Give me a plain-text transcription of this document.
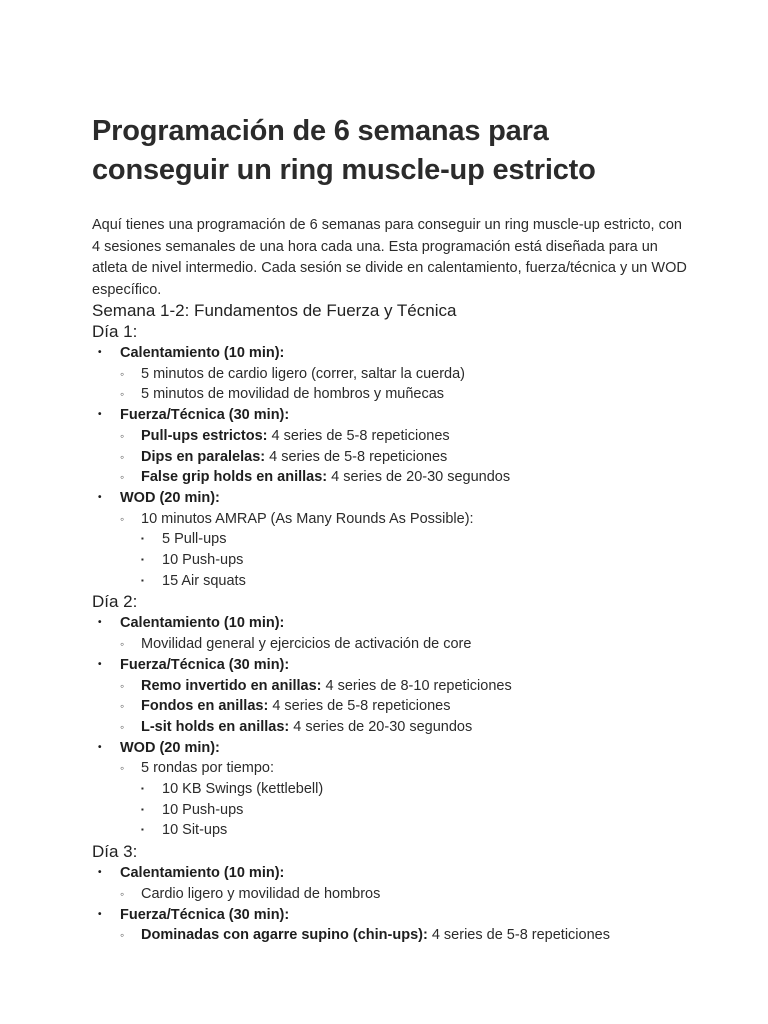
Programación de 6 semanas para conseguir un ring muscle-up estricto

Aquí tienes una programación de 6 semanas para conseguir un ring muscle-up estricto, con 4 sesiones semanales de una hora cada una. Esta programación está diseñada para un atleta de nivel intermedio. Cada sesión se divide en calentamiento, fuerza/técnica y un WOD específico.

Semana 1-2: Fundamentos de Fuerza y Técnica
Día 1:
• Calentamiento (10 min):
◦ 5 minutos de cardio ligero (correr, saltar la cuerda)
◦ 5 minutos de movilidad de hombros y muñecas
• Fuerza/Técnica (30 min):
◦ Pull-ups estrictos: 4 series de 5-8 repeticiones
◦ Dips en paralelas: 4 series de 5-8 repeticiones
◦ False grip holds en anillas: 4 series de 20-30 segundos
• WOD (20 min):
◦ 10 minutos AMRAP (As Many Rounds As Possible):
▪ 5 Pull-ups
▪ 10 Push-ups
▪ 15 Air squats
Día 2:
• Calentamiento (10 min):
◦ Movilidad general y ejercicios de activación de core
• Fuerza/Técnica (30 min):
◦ Remo invertido en anillas: 4 series de 8-10 repeticiones
◦ Fondos en anillas: 4 series de 5-8 repeticiones
◦ L-sit holds en anillas: 4 series de 20-30 segundos
• WOD (20 min):
◦ 5 rondas por tiempo:
▪ 10 KB Swings (kettlebell)
▪ 10 Push-ups
▪ 10 Sit-ups
Día 3:
• Calentamiento (10 min):
◦ Cardio ligero y movilidad de hombros
• Fuerza/Técnica (30 min):
◦ Dominadas con agarre supino (chin-ups): 4 series de 5-8 repeticiones
